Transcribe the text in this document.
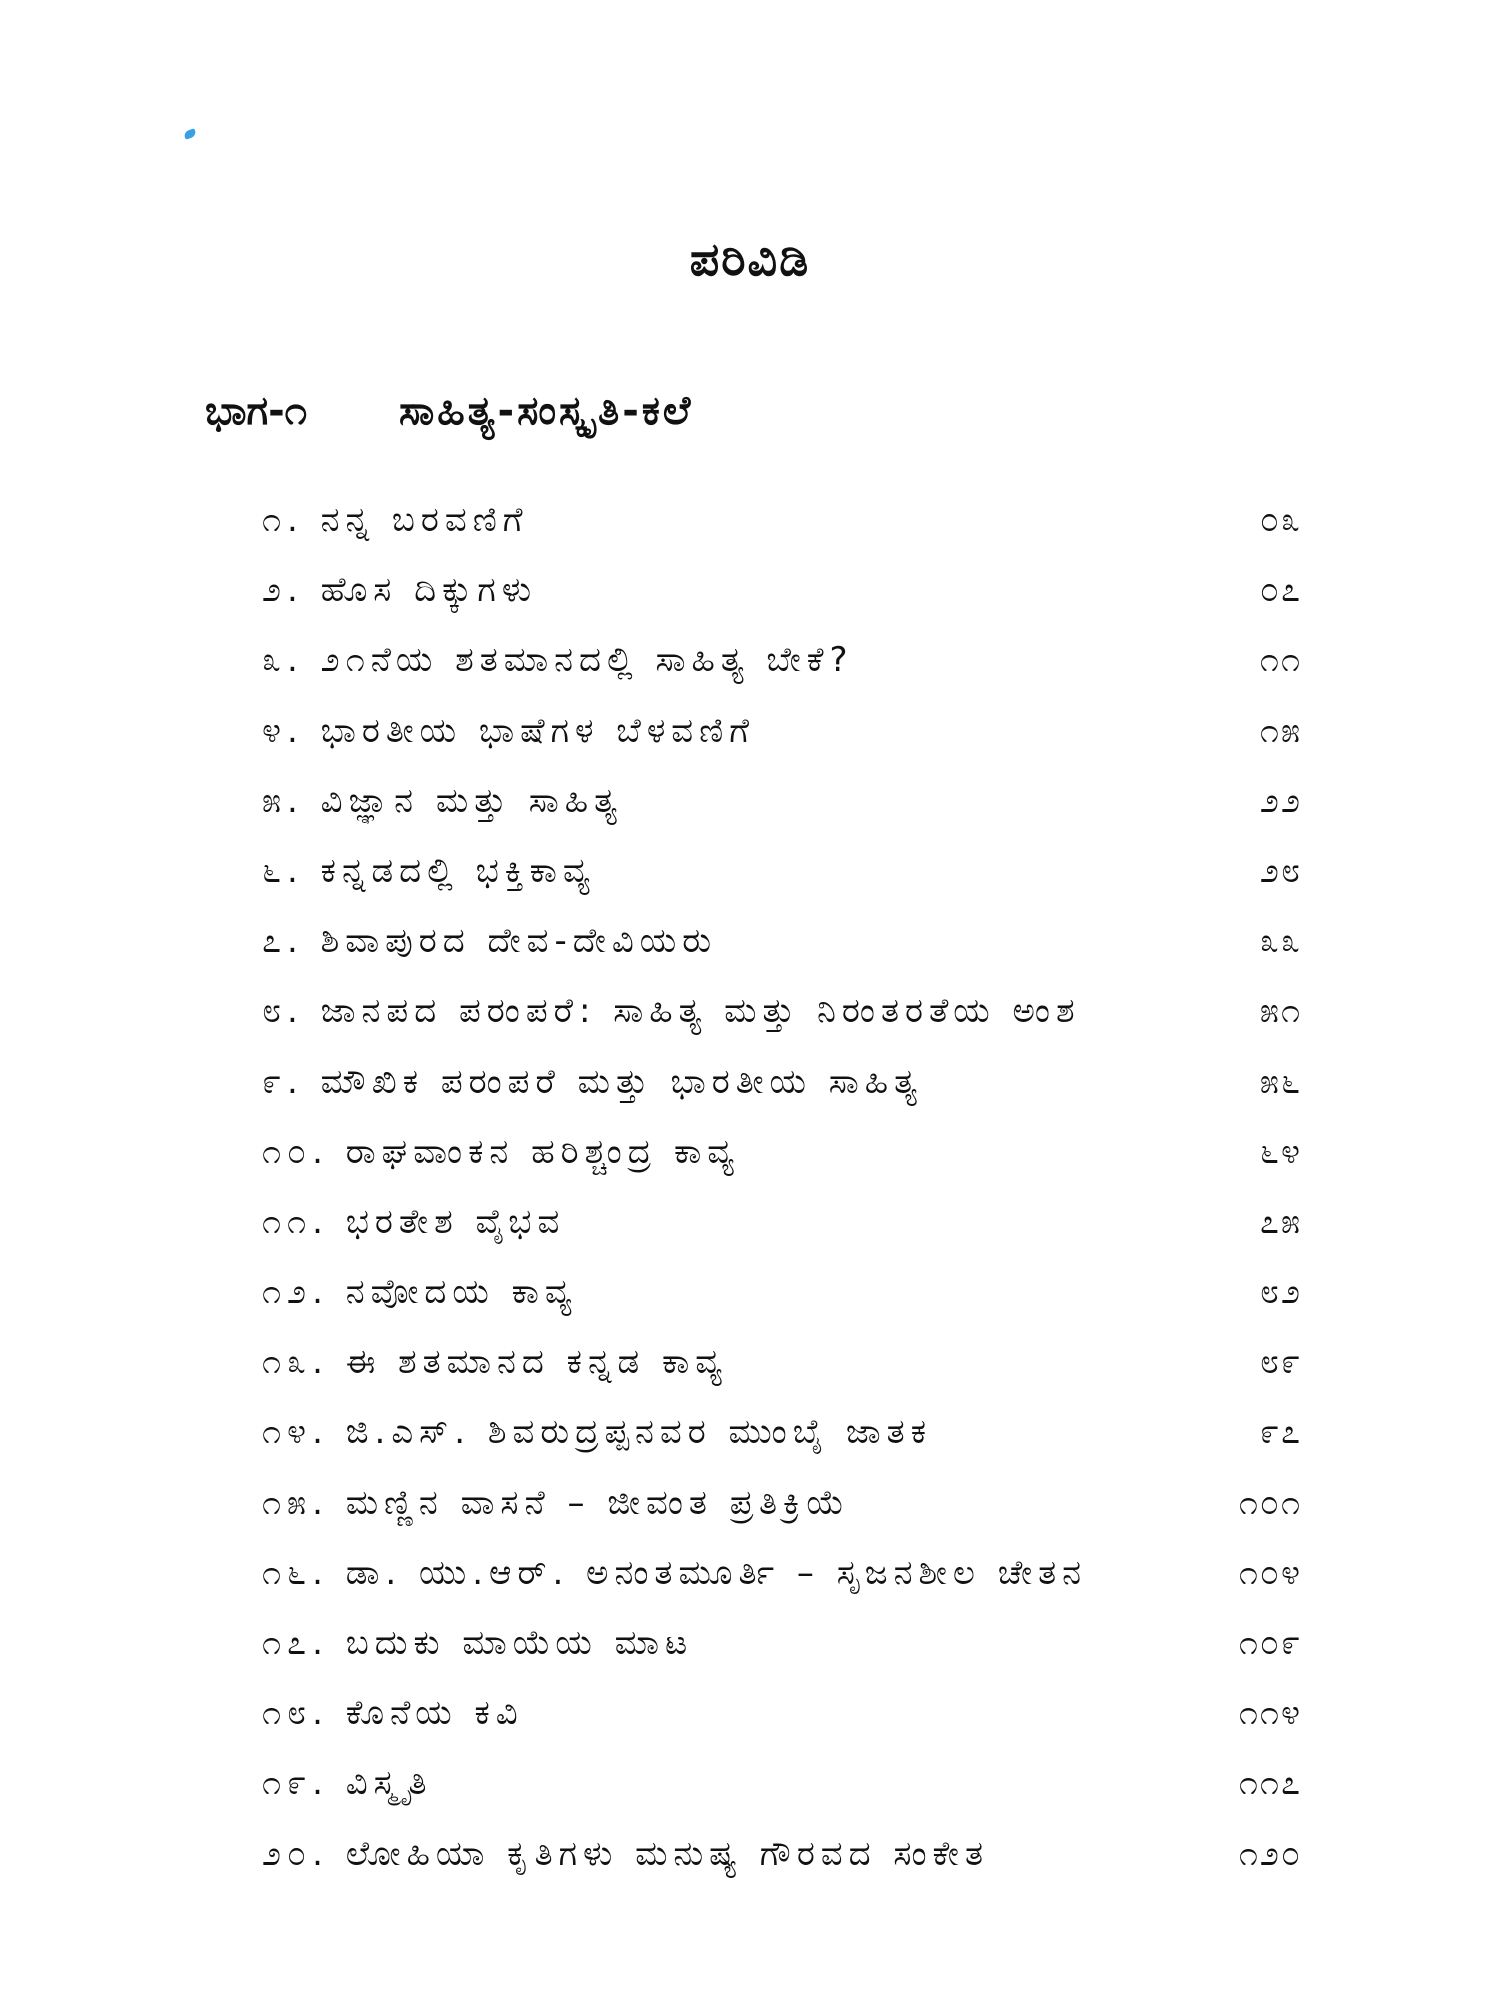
ಪರಿವಿಡಿ
ಭಾಗ-೧ ಸಾಹಿತ್ಯ-ಸಂಸ್ಕೃತಿ-ಕಲೆ
೧. ನನ್ನ ಬರವಣಿಗೆ	೦೩
೨. ಹೊಸ ದಿಕ್ಕುಗಳು	೦೭
೩. ೨೧ನೆಯ ಶತಮಾನದಲ್ಲಿ ಸಾಹಿತ್ಯ ಬೇಕೆ?	೧೧
೪. ಭಾರತೀಯ ಭಾಷೆಗಳ ಬೆಳವಣಿಗೆ	೧೫
೫. ವಿಜ್ಞಾನ ಮತ್ತು ಸಾಹಿತ್ಯ	೨೨
೬. ಕನ್ನಡದಲ್ಲಿ ಭಕ್ತಿಕಾವ್ಯ	೨೮
೭. ಶಿವಾಪುರದ ದೇವ-ದೇವಿಯರು	೩೩
೮. ಜಾನಪದ ಪರಂಪರೆ: ಸಾಹಿತ್ಯ ಮತ್ತು ನಿರಂತರತೆಯ ಅಂಶ	೫೧
೯. ಮೌಖಿಕ ಪರಂಪರೆ ಮತ್ತು ಭಾರತೀಯ ಸಾಹಿತ್ಯ	೫೬
೧೦. ರಾಘವಾಂಕನ ಹರಿಶ್ಚಂದ್ರ ಕಾವ್ಯ	೬೪
೧೧. ಭರತೇಶ ವೈಭವ	೭೫
೧೨. ನವೋದಯ ಕಾವ್ಯ	೮೨
೧೩. ಈ ಶತಮಾನದ ಕನ್ನಡ ಕಾವ್ಯ	೮೯
೧೪. ಜಿ.ಎಸ್. ಶಿವರುದ್ರಪ್ಪನವರ ಮುಂಬೈ ಜಾತಕ	೯೭
೧೫. ಮಣ್ಣಿನ ವಾಸನೆ – ಜೀವಂತ ಪ್ರತಿಕ್ರಿಯೆ	೧೦೧
೧೬. ಡಾ. ಯು.ಆರ್. ಅನಂತಮೂರ್ತಿ – ಸೃಜನಶೀಲ ಚೇತನ	೧೦೪
೧೭. ಬದುಕು ಮಾಯೆಯ ಮಾಟ	೧೦೯
೧೮. ಕೊನೆಯ ಕವಿ	೧೧೪
೧೯. ವಿಸ್ಮೃತಿ	೧೧೭
೨೦. ಲೋಹಿಯಾ ಕೃತಿಗಳು ಮನುಷ್ಯ ಗೌರವದ ಸಂಕೇತ	೧೨೦
